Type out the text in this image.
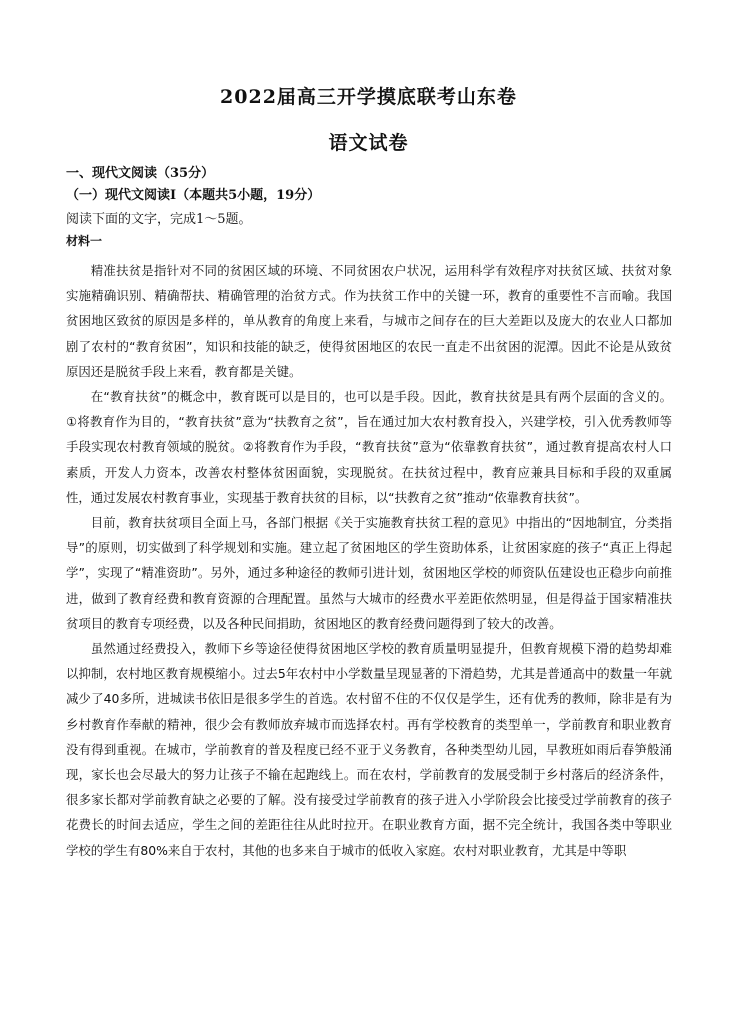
2022届高三开学摸底联考山东卷
语文试卷
一、现代文阅读（35分）
（一）现代文阅读Ⅰ（本题共5小题，19分）
阅读下面的文字，完成1～5题。
材料一

精准扶贫是指针对不同的贫困区域的环境、不同贫困农户状况，运用科学有效程序对扶贫区域、扶贫对象实施精确识别、精确帮扶、精确管理的治贫方式。作为扶贫工作中的关键一环，教育的重要性不言而喻。我国贫困地区致贫的原因是多样的，单从教育的角度上来看，与城市之间存在的巨大差距以及庞大的农业人口都加剧了农村的“教育贫困”，知识和技能的缺乏，使得贫困地区的农民一直走不出贫困的泥潭。因此不论是从致贫原因还是脱贫手段上来看，教育都是关键。

在“教育扶贫”的概念中，教育既可以是目的，也可以是手段。因此，教育扶贫是具有两个层面的含义的。①将教育作为目的，“教育扶贫”意为“扶教育之贫”，旨在通过加大农村教育投入，兴建学校，引入优秀教师等手段实现农村教育领域的脱贫。②将教育作为手段，“教育扶贫”意为“依靠教育扶贫”，通过教育提高农村人口素质，开发人力资本，改善农村整体贫困面貌，实现脱贫。在扶贫过程中，教育应兼具目标和手段的双重属性，通过发展农村教育事业，实现基于教育扶贫的目标，以“扶教育之贫”推动“依靠教育扶贫”。

目前，教育扶贫项目全面上马，各部门根据《关于实施教育扶贫工程的意见》中指出的“因地制宜，分类指导”的原则，切实做到了科学规划和实施。建立起了贫困地区的学生资助体系，让贫困家庭的孩子“真正上得起学”，实现了“精准资助”。另外，通过多种途径的教师引进计划，贫困地区学校的师资队伍建设也正稳步向前推进，做到了教育经费和教育资源的合理配置。虽然与大城市的经费水平差距依然明显，但是得益于国家精准扶贫项目的教育专项经费，以及各种民间捐助，贫困地区的教育经费问题得到了较大的改善。

虽然通过经费投入，教师下乡等途径使得贫困地区学校的教育质量明显提升，但教育规模下滑的趋势却难以抑制，农村地区教育规模缩小。过去5年农村中小学数量呈现显著的下滑趋势，尤其是普通高中的数量一年就减少了40多所，进城读书依旧是很多学生的首选。农村留不住的不仅仅是学生，还有优秀的教师，除非是有为乡村教育作奉献的精神，很少会有教师放弃城市而选择农村。再有学校教育的类型单一，学前教育和职业教育没有得到重视。在城市，学前教育的普及程度已经不亚于义务教育，各种类型幼儿园，早教班如雨后春笋般涌现，家长也会尽最大的努力让孩子不输在起跑线上。而在农村，学前教育的发展受制于乡村落后的经济条件，很多家长都对学前教育缺之必要的了解。没有接受过学前教育的孩子进入小学阶段会比接受过学前教育的孩子花费长的时间去适应，学生之间的差距往往从此时拉开。在职业教育方面，据不完全统计，我国各类中等职业学校的学生有80%来自于农村，其他的也多来自于城市的低收入家庭。农村对职业教育，尤其是中等职
